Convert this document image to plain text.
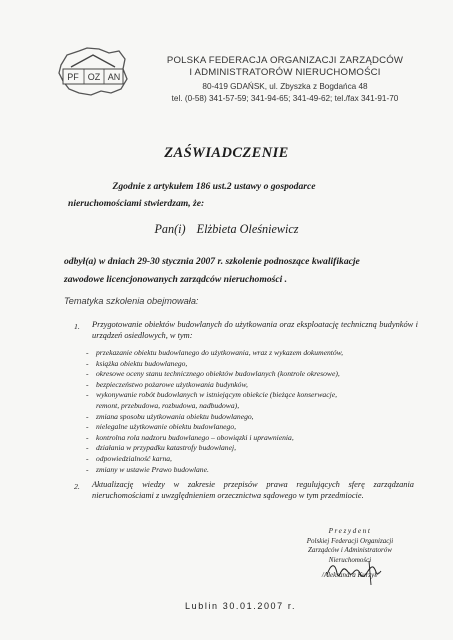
PF OZ AN
POLSKA FEDERACJA ORGANIZACJI ZARZĄDCÓW
I ADMINISTRATORÓW NIERUCHOMOŚCI
80-419 GDAŃSK, ul. Zbyszka z Bogdańca 48
tel. (0-58) 341-57-59; 341-94-65; 341-49-62; tel./fax 341-91-70
ZAŚWIADCZENIE
Zgodnie z artykułem 186 ust.2 ustawy o gospodarce
nieruchomościami stwierdzam, że:
Pan(i) Elżbieta Oleśniewicz
odbył(a) w dniach 29-30 stycznia 2007 r. szkolenie podnoszące kwalifikacje
zawodowe licencjonowanych zarządców nieruchomości .
Tematyka szkolenia obejmowała:
1. Przygotowanie obiektów budowlanych do użytkowania oraz eksploatację techniczną budynków i urządzeń osiedlowych, w tym:
- przekazanie obiektu budowlanego do użytkowania, wraz z wykazem dokumentów,
- książka obiektu budowlanego,
- okresowe oceny stanu technicznego obiektów budowlanych (kontrole okresowe),
- bezpieczeństwo pożarowe użytkowania budynków,
- wykonywanie robót budowlanych w istniejącym obiekcie (bieżące konserwacje,
remont, przebudowa, rozbudowa, nadbudowa),
- zmiana sposobu użytkowania obiektu budowlanego,
- nielegalne użytkowanie obiektu budowlanego,
- kontrolna rola nadzoru budowlanego – obowiązki i uprawnienia,
- działania w przypadku katastrofy budowlanej,
- odpowiedzialność karna,
- zmiany w ustawie Prawo budowlane.
2. Aktualizację wiedzy w zakresie przepisów prawa regulujących sferę zarządzania nieruchomościami z uwzględnieniem orzecznictwa sądowego w tym przedmiocie.
Prezydent
Polskiej Federacji Organizacji
Zarządców i Administratorów Nieruchomości
/Aleksandra Kurzył/
Lublin 30.01.2007 r.
